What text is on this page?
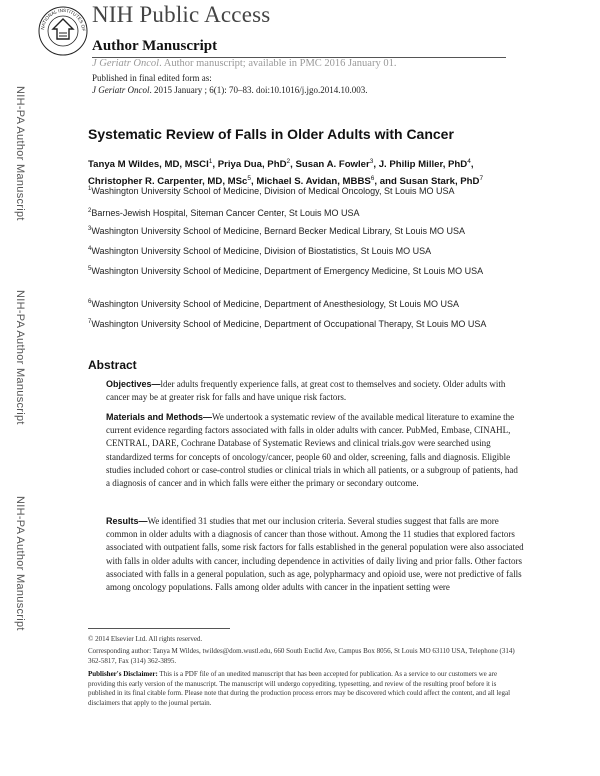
NATIONAL INSTITUTES OF
NIH Public Access
Author Manuscript
J Geriatr Oncol. Author manuscript; available in PMC 2016 January 01.
Published in final edited form as:
J Geriatr Oncol. 2015 January ; 6(1): 70–83. doi:10.1016/j.jgo.2014.10.003.
NIH-PA Author Manuscript
NIH-PA Author Manuscript
NIH-PA Author Manuscript
Systematic Review of Falls in Older Adults with Cancer
Tanya M Wildes, MD, MSCI$^1$, Priya Dua, PhD$^2$, Susan A. Fowler$^3$, J. Philip Miller, PhD$^4$,
Christopher R. Carpenter, MD, MSc$^5$, Michael S. Avidan, MBBS$^6$, and Susan Stark, PhD$^7$
$^1$Washington University School of Medicine, Division of Medical Oncology, St Louis MO USA
$^2$Barnes-Jewish Hospital, Siteman Cancer Center, St Louis MO USA
$^3$Washington University School of Medicine, Bernard Becker Medical Library, St Louis MO USA
$^4$Washington University School of Medicine, Division of Biostatistics, St Louis MO USA
$^5$Washington University School of Medicine, Department of Emergency Medicine, St Louis MO USA
$^6$Washington University School of Medicine, Department of Anesthesiology, St Louis MO USA
$^7$Washington University School of Medicine, Department of Occupational Therapy, St Louis MO USA
Abstract
Objectives—lder adults frequently experience falls, at great cost to themselves and society. Older adults with cancer may be at greater risk for falls and have unique risk factors.
Materials and Methods—We undertook a systematic review of the available medical literature to examine the current evidence regarding factors associated with falls in older adults with cancer. PubMed, Embase, CINAHL, CENTRAL, DARE, Cochrane Database of Systematic Reviews and clinical trials.gov were searched using standardized terms for concepts of oncology/cancer, people 60 and older, screening, falls and diagnosis. Eligible studies included cohort or case-control studies or clinical trials in which all patients, or a subgroup of patients, had a diagnosis of cancer and in which falls were either the primary or secondary outcome.
Results—We identified 31 studies that met our inclusion criteria. Several studies suggest that falls are more common in older adults with a diagnosis of cancer than those without. Among the 11 studies that explored factors associated with outpatient falls, some risk factors for falls established in the general population were also associated with falls in older adults with cancer, including dependence in activities of daily living and prior falls. Other factors associated with falls in a general population, such as age, polypharmacy and opioid use, were not predictive of falls among oncology populations. Falls among older adults with cancer in the inpatient setting were
© 2014 Elsevier Ltd. All rights reserved.
Corresponding author: Tanya M Wildes, twildes@dom.wustl.edu, 660 South Euclid Ave, Campus Box 8056, St Louis MO 63110 USA, Telephone (314) 362-5817, Fax (314) 362-3895.
Publisher's Disclaimer: This is a PDF file of an unedited manuscript that has been accepted for publication. As a service to our customers we are providing this early version of the manuscript. The manuscript will undergo copyediting, typesetting, and review of the resulting proof before it is published in its final citable form. Please note that during the production process errors may be discovered which could affect the content, and all legal disclaimers that apply to the journal pertain.
